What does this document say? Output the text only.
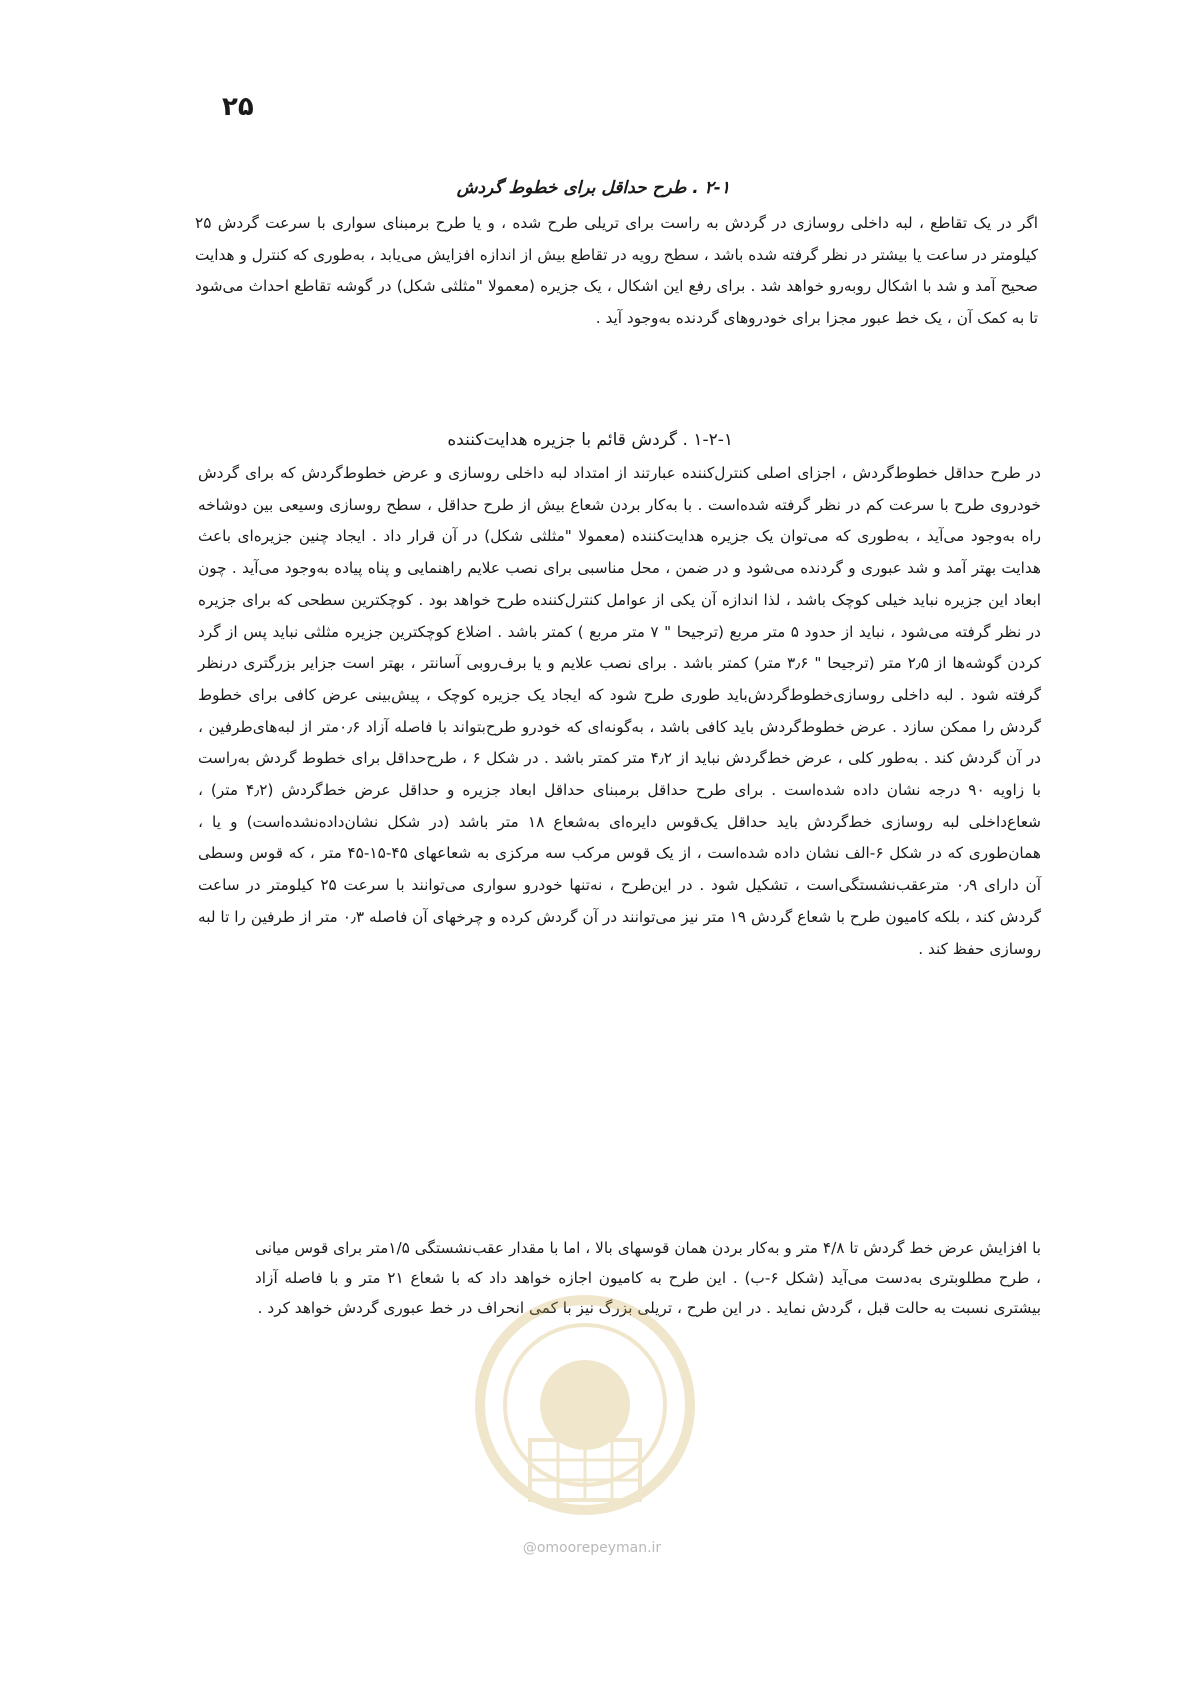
۲۵
۲-۱ . طرح حداقل برای خطوط گردش

اگر در یک تقاطع ، لبه داخلی روسازی در گردش به راست برای تریلی طرح شده ، و یا طرح برمبنای سواری با سرعت گردش ۲۵ کیلومتر در ساعت یا بیشتر در نظر گرفته شده باشد ، سطح رویه در تقاطع بیش از اندازه افزایش می‌یابد ، به‌طوری که کنترل و هدایت صحیح آمد و شد با اشکال روبه‌رو خواهد شد . برای رفع این اشکال ، یک جزیره (معمولا "مثلثی شکل) در گوشه تقاطع احداث می‌شود تا به کمک آن ، یک خط عبور مجزا برای خودروهای گردنده به‌وجود آید .

۱-۲-۱ . گردش قائم با جزیره هدایت‌کننده

در طرح حداقل خطوط‌گردش ، اجزای اصلی کنترل‌کننده عبارتند از امتداد لبه داخلی روسازی و عرض خطوط‌گردش که برای گردش خودروی طرح با سرعت کم در نظر گرفته شده‌است . با به‌کار بردن شعاع بیش از طرح حداقل ، سطح روسازی وسیعی بین دوشاخه راه به‌وجود می‌آید ، به‌طوری که می‌توان یک جزیره هدایت‌کننده (معمولا "مثلثی شکل) در آن قرار داد . ایجاد چنین جزیره‌ای باعث هدایت بهتر آمد و شد عبوری و گردنده می‌شود و در ضمن ، محل مناسبی برای نصب علایم راهنمایی و پناه پیاده به‌وجود می‌آید . چون ابعاد این جزیره نباید خیلی کوچک باشد ، لذا اندازه آن یکی از عوامل کنترل‌کننده طرح خواهد بود . کوچکترین سطحی که برای جزیره در نظر گرفته می‌شود ، نباید از حدود ۵ متر مربع (ترجیحا " ۷ متر مربع ) کمتر باشد . اضلاع کوچکترین جزیره مثلثی نباید پس از گرد کردن گوشه‌ها از ۲٫۵ متر (ترجیحا " ۳٫۶ متر) کمتر باشد . برای نصب علایم و یا برف‌روبی آسانتر ، بهتر است جزایر بزرگتری درنظر گرفته شود . لبه داخلی روسازی‌خطوط‌گردش‌باید طوری طرح شود که ایجاد یک جزیره کوچک ، پیش‌بینی عرض کافی برای خطوط گردش را ممکن سازد . عرض خطوط‌گردش باید کافی باشد ، به‌گونه‌ای که خودرو طرح‌بتواند با فاصله آزاد ۰٫۶متر از لبه‌های‌طرفین ، در آن گردش کند . به‌طور کلی ، عرض خط‌گردش نباید از ۴٫۲ متر کمتر باشد . در شکل ۶ ، طرح‌حداقل برای خطوط گردش به‌راست با زاویه ۹۰ درجه نشان داده شده‌است . برای طرح حداقل برمبنای حداقل ابعاد جزیره و حداقل عرض خط‌گردش (۴٫۲ متر) ، شعاع‌داخلی لبه روسازی خط‌گردش باید حداقل یک‌قوس دایره‌ای به‌شعاع ۱۸ متر باشد (در شکل نشان‌داده‌نشده‌است) و یا ، همان‌طوری که در شکل ۶-الف نشان داده شده‌است ، از یک قوس مرکب سه مرکزی به شعاعهای ۴۵-۱۵-۴۵ متر ، که قوس وسطی آن دارای ۰٫۹ متر‌عقب‌نشستگی‌است ، تشکیل شود . در این‌طرح ، نه‌تنها خودرو سواری می‌توانند با سرعت ۲۵ کیلومتر در ساعت گردش کند ، بلکه کامیون طرح با شعاع گردش ۱۹ متر نیز می‌توانند در آن گردش کرده و چرخهای آن فاصله ۰٫۳ متر از طرفین را تا لبه روسازی حفظ کند .

با افزایش عرض خط گردش تا ۴/۸ متر و به‌کار بردن همان قوسهای بالا ، اما با مقدار عقب‌نشستگی ۱/۵متر برای قوس میانی ، طرح مطلوبتری به‌دست می‌آید (شکل ۶-ب) . این طرح به کامیون اجازه خواهد داد که با شعاع ۲۱ متر و با فاصله آزاد بیشتری نسبت به حالت قبل ، گردش نماید . در این طرح ، تریلی بزرگ نیز با کمی انحراف در خط عبوری گردش خواهد کرد .

@omoorepeyman.ir
